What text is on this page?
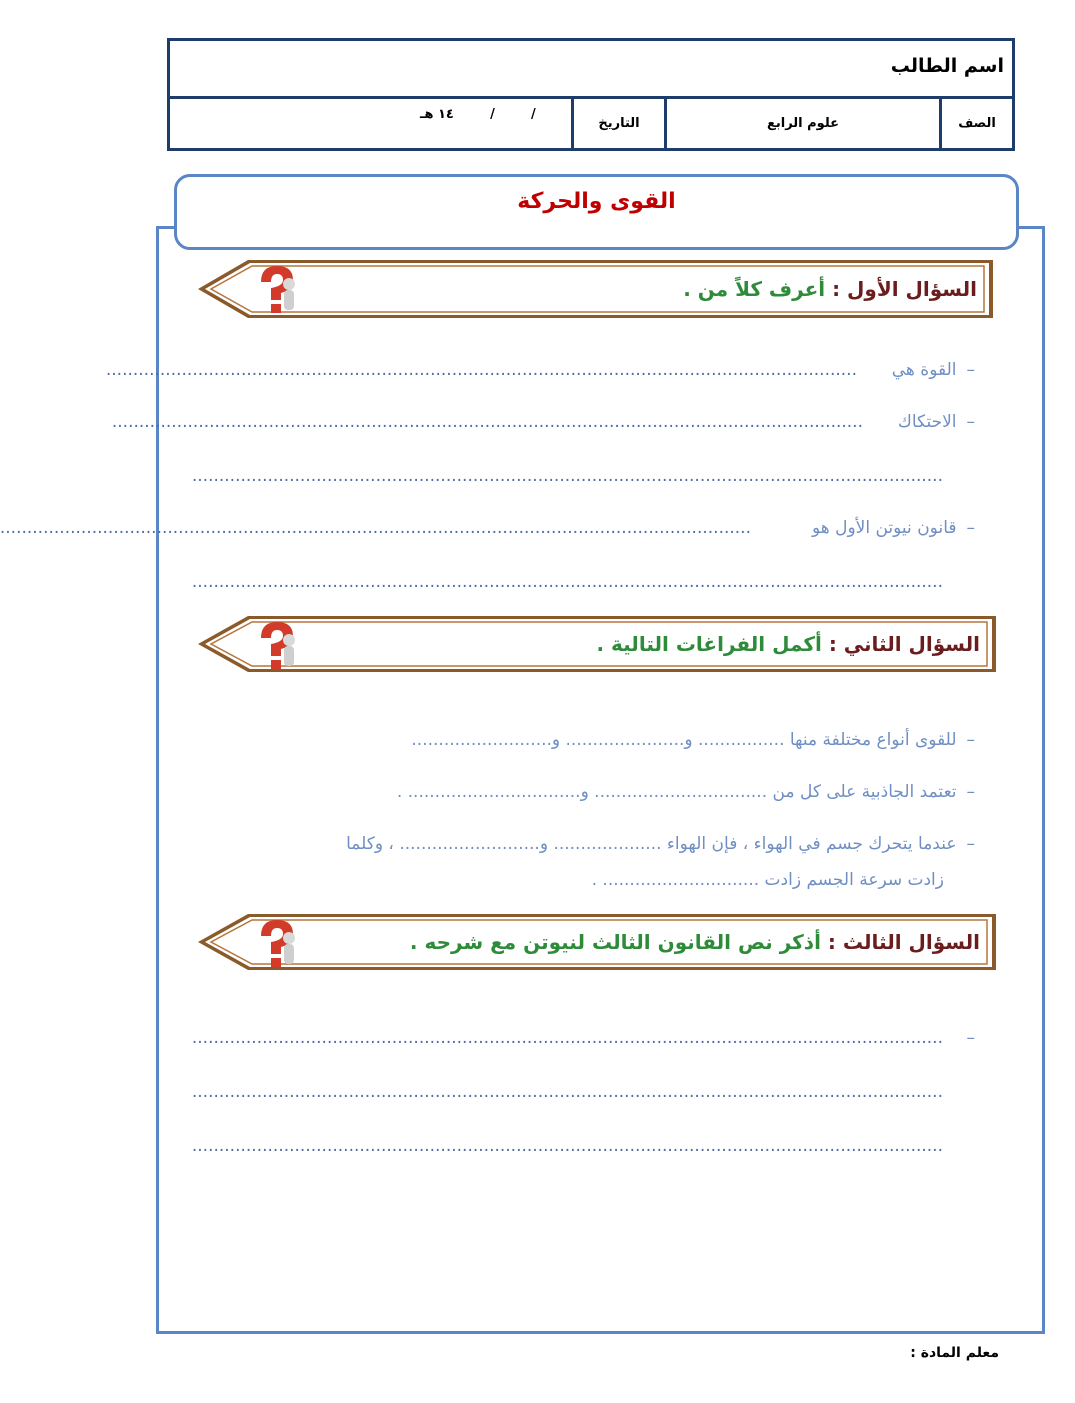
اسم الطالب
الصف
علوم الرابع
التاريخ
/        /        ١٤ هـ
القوى والحركة
السؤال الأول : أعرف كلاً من .
–القوة هي
...........................................................................................................................................
–الاحتكاك
...........................................................................................................................................
...........................................................................................................................................
–قانون نيوتن الأول هو
...........................................................................................................................................
...........................................................................................................................................
السؤال الثاني : أكمل الفراغات التالية .
–للقوى أنواع مختلفة منها ................ و...................... و..........................
–تعتمد الجاذبية على كل من ................................ و................................ .
–عندما يتحرك جسم في الهواء ، فإن الهواء .................... و.......................... ، وكلما
زادت سرعة الجسم زادت ............................. .
السؤال الثالث : أذكر نص القانون الثالث لنيوتن مع شرحه .
–
...........................................................................................................................................
...........................................................................................................................................
...........................................................................................................................................
معلم المادة :
